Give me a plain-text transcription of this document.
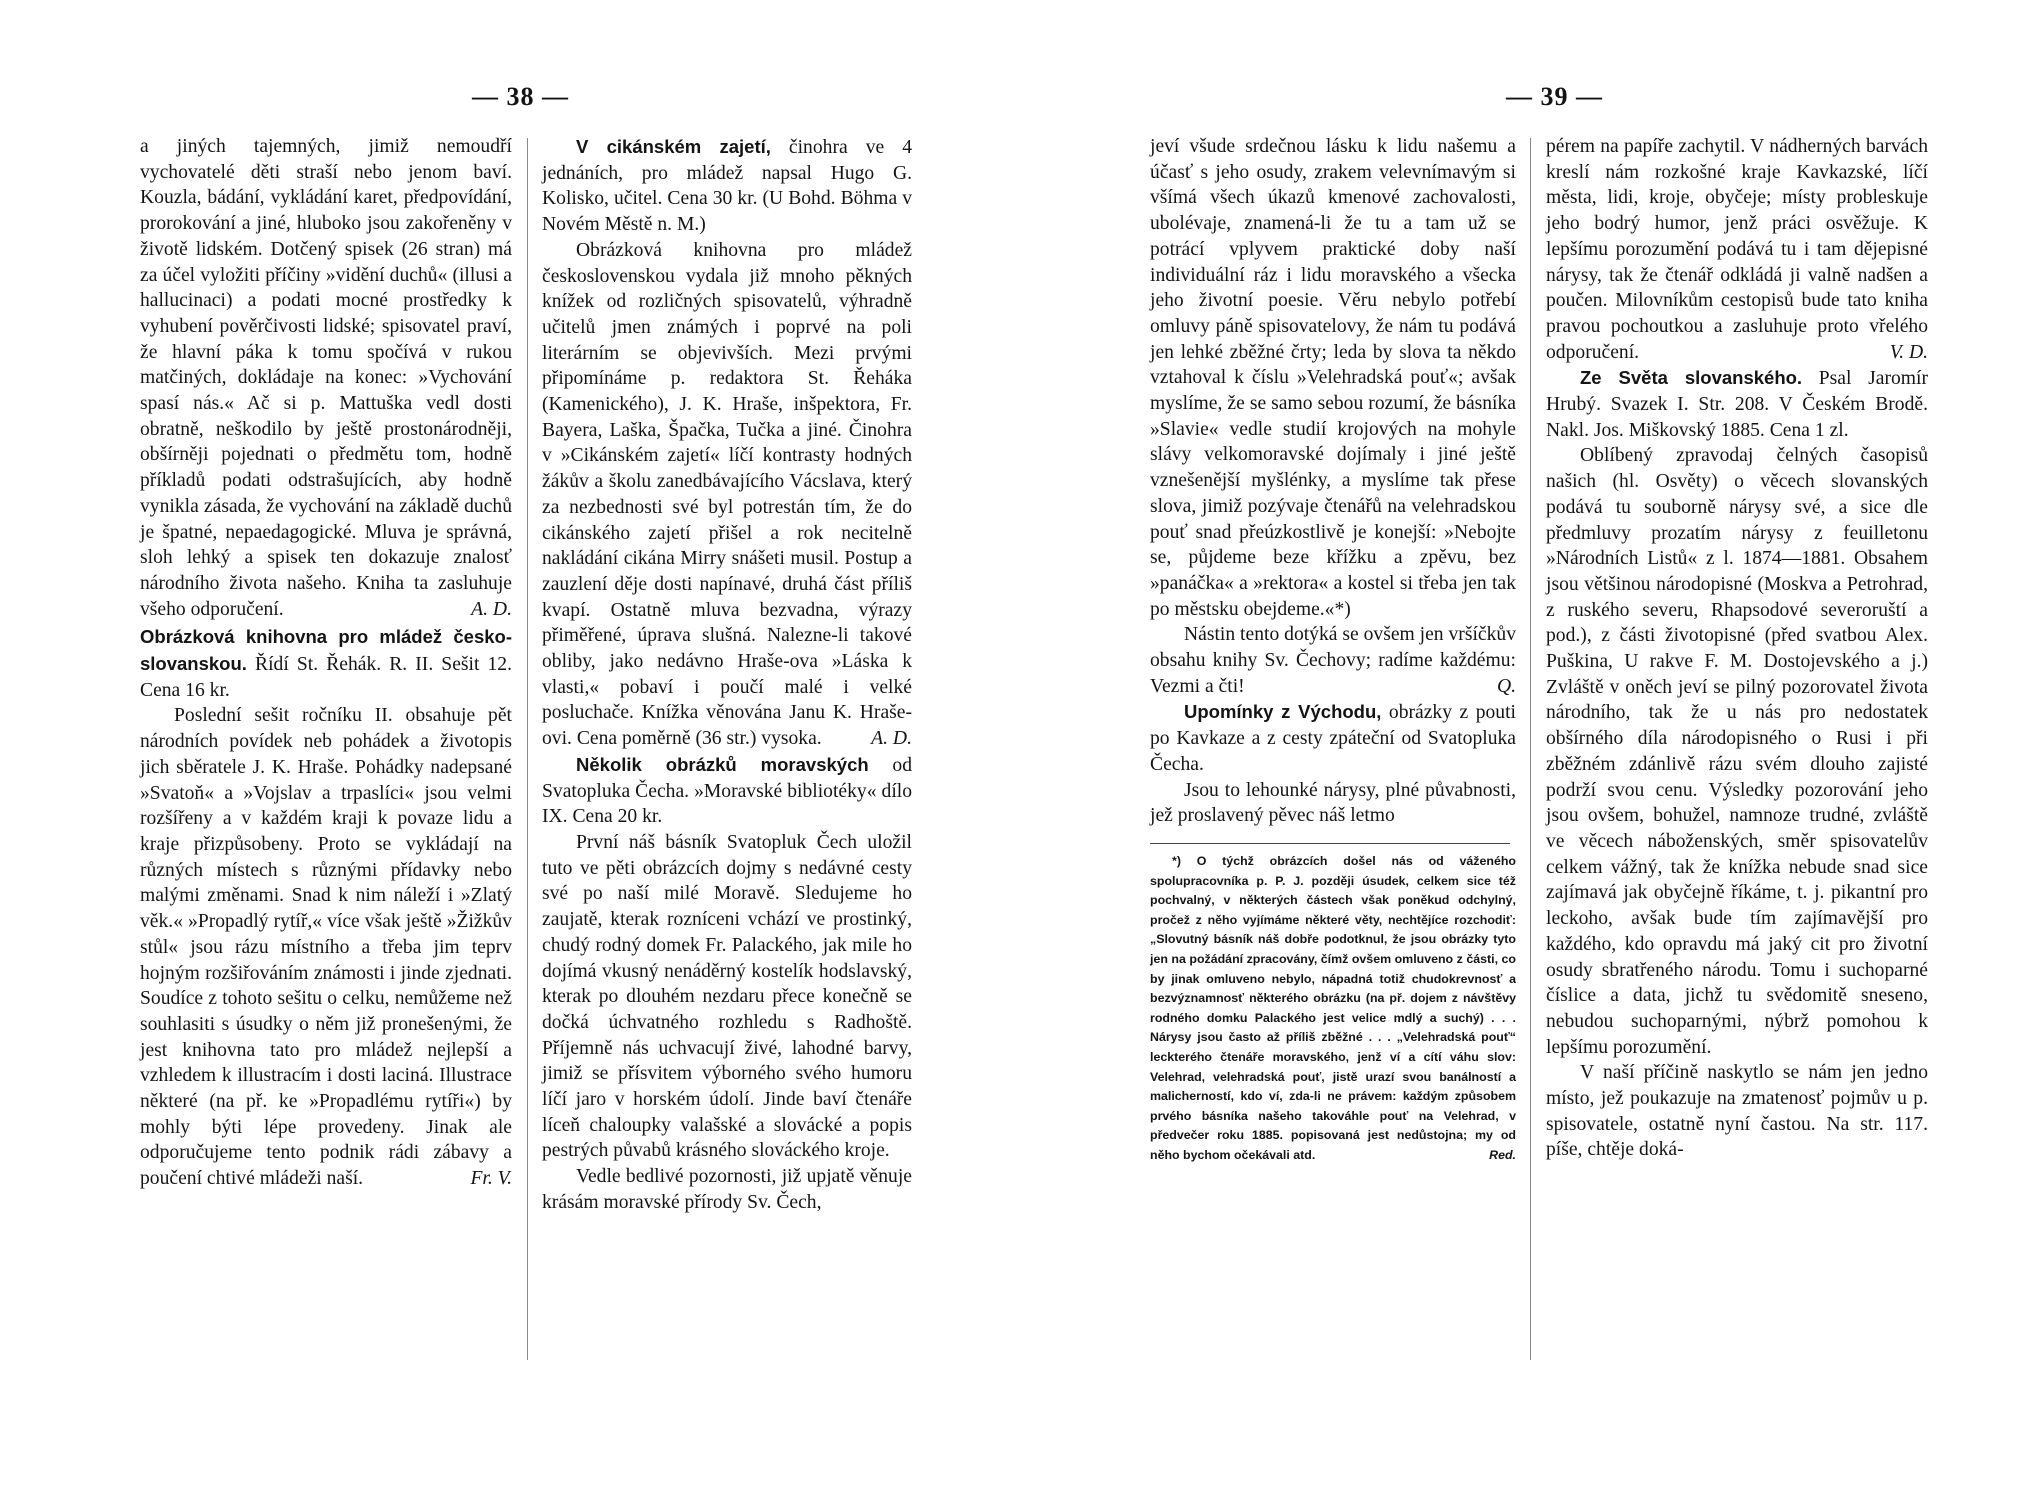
— 38 —

a jiných tajemných, jimiž nemoudří vychovatelé děti straší nebo jenom baví. Kouzla, bádání, vykládání karet, předpovídání, prorokování a jiné, hluboko jsou zakořeněny v životě lidském. Dotčený spisek (26 stran) má za účel vyložiti příčiny »vidění duchů« (illusi a hallucinaci) a podati mocné prostředky k vyhubení pověrčivosti lidské; spisovatel praví, že hlavní páka k tomu spočívá v rukou matčiných, dokládaje na konec: »Vychování spasí nás.« Ač si p. Mattuška vedl dosti obratně, neškodilo by ještě prostonárodněji, obšírněji pojednati o předmětu tom, hodně příkladů podati odstrašujících, aby hodně vynikla zásada, že vychování na základě duchů je špatné, nepaedagogické. Mluva je správná, sloh lehký a spisek ten dokazuje znalosť národního života našeho. Kniha ta zasluhuje všeho odporučení.	A. D.

Obrázková knihovna pro mládež česko-slovanskou. Řídí St. Řehák. R. II. Sešit 12. Cena 16 kr.

Poslední sešit ročníku II. obsahuje pět národních povídek neb pohádek a životopis jich sběratele J. K. Hraše. Pohádky nadepsané »Svatoň« a »Vojslav a trpaslíci« jsou velmi rozšířeny a v každém kraji k povaze lidu a kraje přizpůsobeny. Proto se vykládají na různých místech s různými přídavky nebo malými změnami. Snad k nim náleží i »Zlatý věk.« »Propadlý rytíř,« více však ještě »Žižkův stůl« jsou rázu místního a třeba jim teprv hojným rozšiřováním známosti i jinde zjednati. Soudíce z tohoto sešitu o celku, nemůžeme než souhlasiti s úsudky o něm již pronešenými, že jest knihovna tato pro mládež nejlepší a vzhledem k illustracím i dosti laciná. Illustrace některé (na př. ke »Propadlému rytíři«) by mohly býti lépe provedeny. Jinak ale odporučujeme tento podnik rádi zábavy a poučení chtivé mládeži naší.	Fr. V.

V cikánském zajetí, činohra ve 4 jednáních, pro mládež napsal Hugo G. Kolisko, učitel. Cena 30 kr. (U Bohd. Böhma v Novém Městě n. M.)

Obrázková knihovna pro mládež československou vydala již mnoho pěkných knížek od rozličných spisovatelů, výhradně učitelů jmen známých i poprvé na poli literárním se objevivších. Mezi prvými připomínáme p. redaktora St. Řeháka (Kamenického), J. K. Hraše, inšpektora, Fr. Bayera, Laška, Špačka, Tučka a jiné. Činohra v »Cikánském zajetí« líčí kontrasty hodných žákův a školu zanedbávajícího Vácslava, který za nezbednosti své byl potrestán tím, že do cikánského zajetí přišel a rok necitelně nakládání cikána Mirry snášeti musil. Postup a zauzlení děje dosti napínavé, druhá část příliš kvapí. Ostatně mluva bezvadna, výrazy přiměřené, úprava slušná. Nalezne-li takové obliby, jako nedávno Hraše-ova »Láska k vlasti,« pobaví i poučí malé i velké posluchače. Knížka věnována Janu K. Hraše-ovi. Cena poměrně (36 str.) vysoka.	A. D.

Několik obrázků moravských od Svatopluka Čecha. »Moravské bibliotéky« dílo IX. Cena 20 kr.

První náš básník Svatopluk Čech uložil tuto ve pěti obrázcích dojmy s nedávné cesty své po naší milé Moravě. Sledujeme ho zaujatě, kterak rozníceni vchází ve prostinký, chudý rodný domek Fr. Palackého, jak mile ho dojímá vkusný nenáděrný kostelík hodslavský, kterak po dlouhém nezdaru přece konečně se dočká úchvatného rozhledu s Radhoště. Příjemně nás uchvacují živé, lahodné barvy, jimiž se přísvitem výborného svého humoru líčí jaro v horském údolí. Jinde baví čtenáře líceň chaloupky valašské a slovácké a popis pestrých půvabů krásného slováckého kroje.

Vedle bedlivé pozornosti, již upjatě věnuje krásám moravské přírody Sv. Čech,

— 39 —

jeví všude srdečnou lásku k lidu našemu a účasť s jeho osudy, zrakem velevnímavým si všímá všech úkazů kmenové zachovalosti, ubolévaje, znamená-li že tu a tam už se potrácí vplyvem praktické doby naší individuální ráz i lidu moravského a všecka jeho životní poesie. Věru nebylo potřebí omluvy páně spisovatelovy, že nám tu podává jen lehké zběžné črty; leda by slova ta někdo vztahoval k číslu »Velehradská pouť«; avšak myslíme, že se samo sebou rozumí, že básníka »Slavie« vedle studií krojových na mohyle slávy velkomoravské dojímaly i jiné ještě vznešenější myšlénky, a myslíme tak přese slova, jimiž pozývaje čtenářů na velehradskou pouť snad přeúzkostlivě je konejší: »Nebojte se, půjdeme beze křížku a zpěvu, bez »panáčka« a »rektora« a kostel si třeba jen tak po městsku obejdeme.«*)

Nástin tento dotýká se ovšem jen vršíčkův obsahu knihy Sv. Čechovy; radíme každému: Vezmi a čti!	Q.

Upomínky z Východu, obrázky z pouti po Kavkaze a z cesty zpáteční od Svatopluka Čecha.

Jsou to lehounké nárysy, plné půvabnosti, jež proslavený pěvec náš letmo

*) O týchž obrázcích došel nás od váženého spolupracovníka p. P. J. později úsudek, celkem sice též pochvalný, v některých částech však poněkud odchylný, pročež z něho vyjímáme některé věty, nechtějíce rozchodiť: „Slovutný básník náš dobře podotknul, že jsou obrázky tyto jen na požádání zpracovány, čímž ovšem omluveno z části, co by jinak omluveno nebylo, nápadná totiž chudokrevnosť a bezvýznamnosť některého obrázku (na př. dojem z návštěvy rodného domku Palackého jest velice mdlý a suchý) . . . Nárysy jsou často až příliš zběžné . . . „Velehradská pouť“ leckterého čtenáře moravského, jenž ví a cítí váhu slov: Velehrad, velehradská pouť, jistě urazí svou banálností a malicherností, kdo ví, zda-li ne právem: každým způsobem prvého básníka našeho takováhle pouť na Velehrad, v předvečer roku 1885. popisovaná jest nedůstojna; my od něho bychom očekávali atd.	Red.

pérem na papíře zachytil. V nádherných barvách kreslí nám rozkošné kraje Kavkazské, líčí města, lidi, kroje, obyčeje; místy probleskuje jeho bodrý humor, jenž práci osvěžuje. K lepšímu porozumění podává tu i tam dějepisné nárysy, tak že čtenář odkládá ji valně nadšen a poučen. Milovníkům cestopisů bude tato kniha pravou pochoutkou a zasluhuje proto vřelého odporučení.	V. D.

Ze Světa slovanského. Psal Jaromír Hrubý. Svazek I. Str. 208. V Českém Brodě. Nakl. Jos. Miškovský 1885. Cena 1 zl.

Oblíbený zpravodaj čelných časopisů našich (hl. Osvěty) o věcech slovanských podává tu souborně nárysy své, a sice dle předmluvy prozatím nárysy z feuilletonu »Národních Listů« z l. 1874—1881. Obsahem jsou většinou národopisné (Moskva a Petrohrad, z ruského severu, Rhapsodové severoruští a pod.), z části životopisné (před svatbou Alex. Puškina, U rakve F. M. Dostojevského a j.) Zvláště v oněch jeví se pilný pozorovatel života národního, tak že u nás pro nedostatek obšírného díla národopisného o Rusi i při zběžném zdánlivě rázu svém dlouho zajisté podrží svou cenu. Výsledky pozorování jeho jsou ovšem, bohužel, namnoze trudné, zvláště ve věcech náboženských, směr spisovatelův celkem vážný, tak že knížka nebude snad sice zajímavá jak obyčejně říkáme, t. j. pikantní pro leckoho, avšak bude tím zajímavější pro každého, kdo opravdu má jaký cit pro životní osudy sbratřeného národu. Tomu i suchoparné číslice a data, jichž tu svědomitě sneseno, nebudou suchoparnými, nýbrž pomohou k lepšímu porozumění.

V naší příčině naskytlo se nám jen jedno místo, jež poukazuje na zmatenosť pojmův u p. spisovatele, ostatně nyní častou. Na str. 117. píše, chtěje doká-
